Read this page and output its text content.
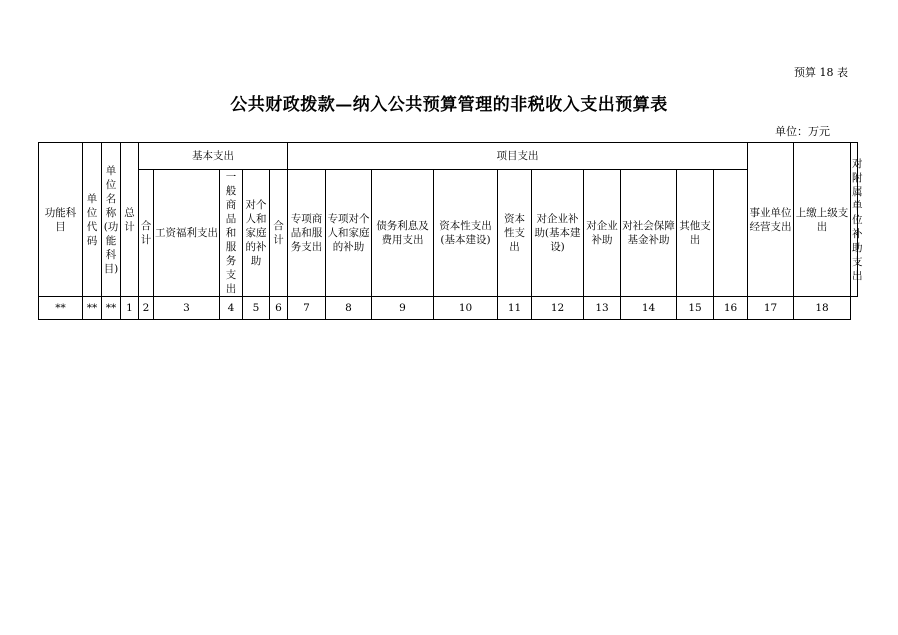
预算 18 表
公共财政拨款—纳入公共预算管理的非税收入支出预算表
单位：万元
功能科目	单位代码	单位名称(功能科目)	总计	基本支出					项目支出										事业单位经营支出	上缴上级支出	对附属单位补助支出
				合计	工资福利支出	一般商品和服务支出	对个人和家庭的补助	合计	专项商品和服务支出	专项对个人和家庭的补助	债务利息及费用支出	资本性支出(基本建设)	资本性支出	对企业补助(基本建设)	对企业补助	对社会保障基金补助	其他支出				
**	**	**	1	2	3	4	5	6	7	8	9	10	11	12	13	14	15	16	17	18	
